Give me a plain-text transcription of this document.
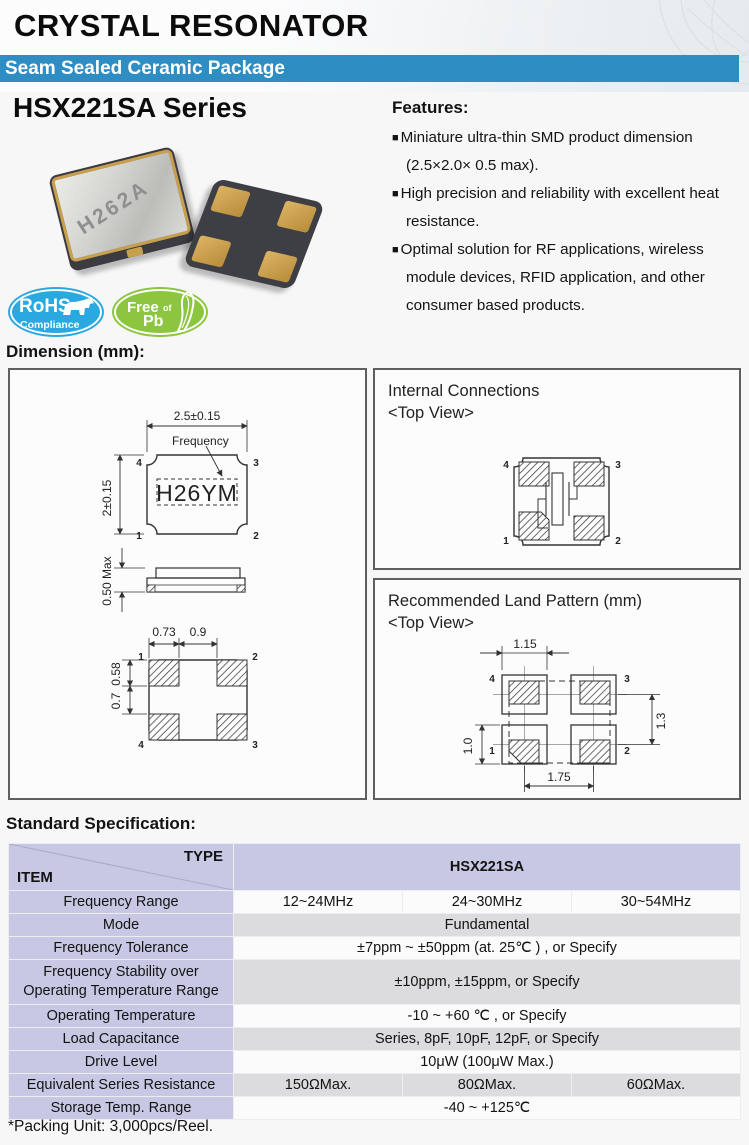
CRYSTAL RESONATOR
Seam Sealed Ceramic Package
HSX221SA Series	Features:
■ Miniature ultra-thin SMD product dimension (2.5×2.0× 0.5 max).
■ High precision and reliability with excellent heat resistance.
■ Optimal solution for RF applications, wireless module devices, RFID application, and other consumer based products.
H262A
RoHS
Compliance
Free of
Pb
Dimension (mm):
2.5±0.15
2±0.15
Frequency
H26YM
4	3
1	2
0.50 Max
0.73 0.9
0.58
0.7
1	2
4	3
Internal Connections
<Top View>
4	3
1	2
Recommended Land Pattern (mm)
<Top View>
1.15
1.0
1.3
1.75
4	3
1	2
Standard Specification:
TYPE
ITEM	HSX221SA		
Frequency Range	12~24MHz	24~30MHz	30~54MHz
Mode	Fundamental		
Frequency Tolerance	±7ppm ~ ±50ppm (at. 25℃ ) , or Specify		
Frequency Stability over Operating Temperature Range	±10ppm, ±15ppm, or Specify		
Operating Temperature	-10 ~ +60 ℃ , or Specify		
Load Capacitance	Series, 8pF, 10pF, 12pF, or Specify		
Drive Level	10μW (100μW Max.)		
Equivalent Series Resistance	150ΩMax.	80ΩMax.	60ΩMax.
Storage Temp. Range	-40 ~ +125℃		
*Packing Unit: 3,000pcs/Reel.
